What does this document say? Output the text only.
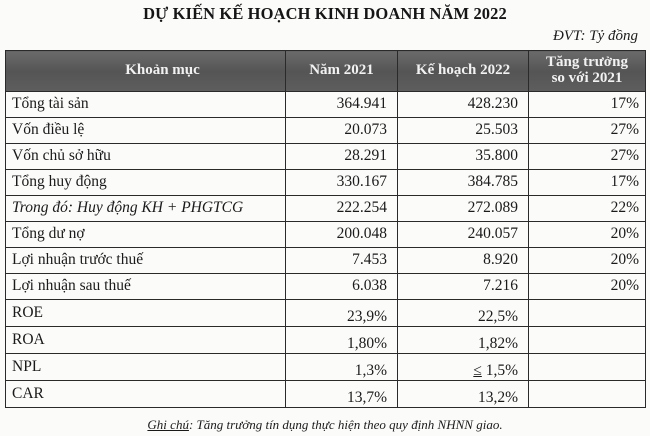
DỰ KIẾN KẾ HOẠCH KINH DOANH NĂM 2022
ĐVT: Tỷ đồng
Khoản mục	Năm 2021	Kế hoạch 2022	Tăng trưởng
so với 2021
Tổng tài sản	364.941	428.230	17%
Vốn điều lệ	20.073	25.503	27%
Vốn chủ sở hữu	28.291	35.800	27%
Tổng huy động	330.167	384.785	17%
Trong đó: Huy động KH + PHGTCG	222.254	272.089	22%
Tổng dư nợ	200.048	240.057	20%
Lợi nhuận trước thuế	7.453	8.920	20%
Lợi nhuận sau thuế	6.038	7.216	20%
ROE	23,9%	22,5%	
ROA	1,80%	1,82%	
NPL	1,3%	≤ 1,5%	
CAR	13,7%	13,2%	
Ghi chú: Tăng trưởng tín dụng thực hiện theo quy định NHNN giao.
